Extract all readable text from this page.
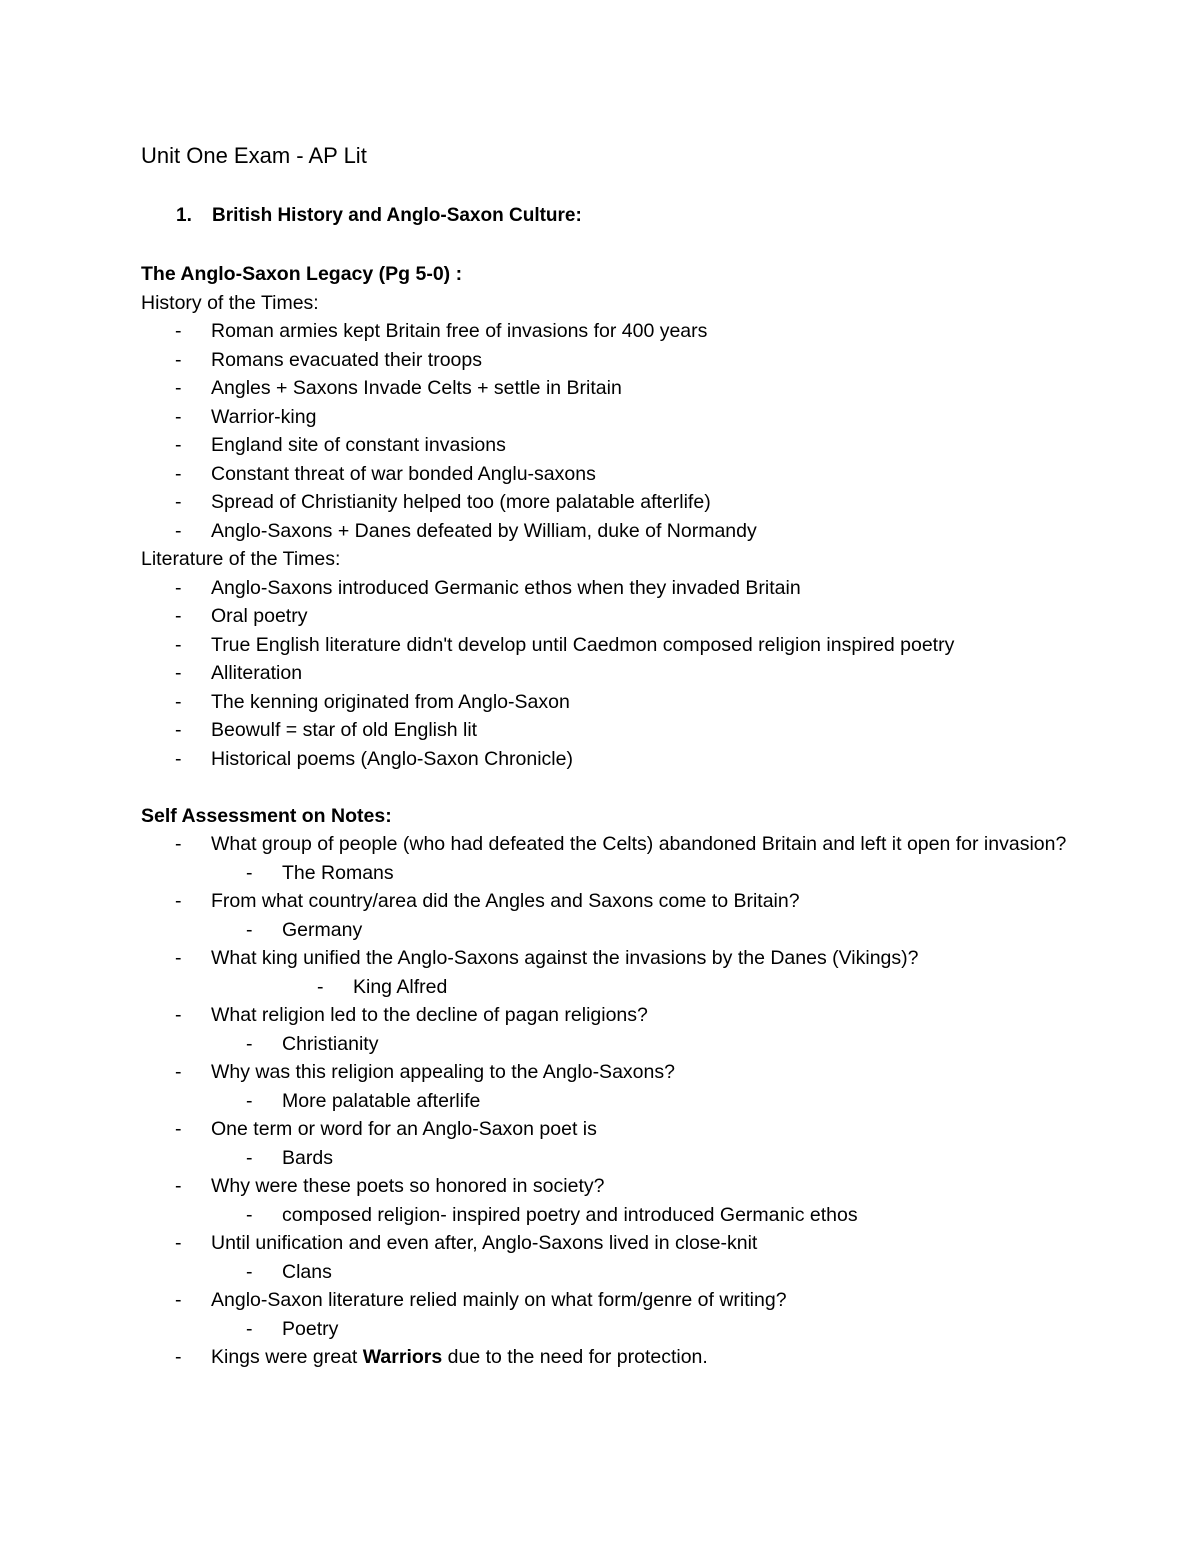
Unit One Exam - AP Lit
1. British History and Anglo-Saxon Culture:
The Anglo-Saxon Legacy (Pg 5-0) :
History of the Times:
- Roman armies kept Britain free of invasions for 400 years
- Romans evacuated their troops
- Angles + Saxons Invade Celts + settle in Britain
- Warrior-king
- England site of constant invasions
- Constant threat of war bonded Anglu-saxons
- Spread of Christianity helped too (more palatable afterlife)
- Anglo-Saxons + Danes defeated by William, duke of Normandy
Literature of the Times:
- Anglo-Saxons introduced Germanic ethos when they invaded Britain
- Oral poetry
- True English literature didn't develop until Caedmon composed religion inspired poetry
- Alliteration
- The kenning originated from Anglo-Saxon
- Beowulf = star of old English lit
- Historical poems (Anglo-Saxon Chronicle)
Self Assessment on Notes:
- What group of people (who had defeated the Celts) abandoned Britain and left it open for invasion?
- The Romans
- From what country/area did the Angles and Saxons come to Britain?
- Germany
- What king unified the Anglo-Saxons against the invasions by the Danes (Vikings)?
- King Alfred
- What religion led to the decline of pagan religions?
- Christianity
- Why was this religion appealing to the Anglo-Saxons?
- More palatable afterlife
- One term or word for an Anglo-Saxon poet is
- Bards
- Why were these poets so honored in society?
- composed religion- inspired poetry and introduced Germanic ethos
- Until unification and even after, Anglo-Saxons lived in close-knit
- Clans
- Anglo-Saxon literature relied mainly on what form/genre of writing?
- Poetry
- Kings were great Warriors due to the need for protection.
